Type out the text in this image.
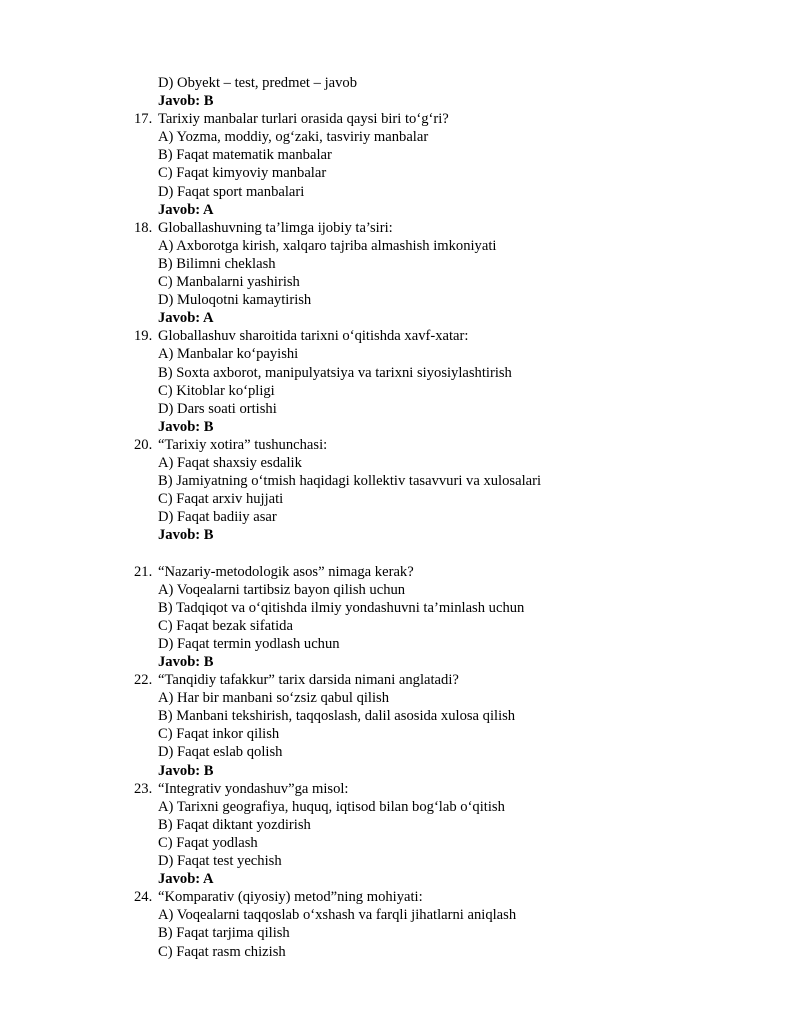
D) Obyekt – test, predmet – javob
Javob: B
17. Tarixiy manbalar turlari orasida qaysi biri to‘g‘ri?
A) Yozma, moddiy, og‘zaki, tasviriy manbalar
B) Faqat matematik manbalar
C) Faqat kimyoviy manbalar
D) Faqat sport manbalari
Javob: A
18. Globallashuvning ta’limga ijobiy ta’siri:
A) Axborotga kirish, xalqaro tajriba almashish imkoniyati
B) Bilimni cheklash
C) Manbalarni yashirish
D) Muloqotni kamaytirish
Javob: A
19. Globallashuv sharoitida tarixni o‘qitishda xavf-xatar:
A) Manbalar ko‘payishi
B) Soxta axborot, manipulyatsiya va tarixni siyosiylashtirish
C) Kitoblar ko‘pligi
D) Dars soati ortishi
Javob: B
20. “Tarixiy xotira” tushunchasi:
A) Faqat shaxsiy esdalik
B) Jamiyatning o‘tmish haqidagi kollektiv tasavvuri va xulosalari
C) Faqat arxiv hujjati
D) Faqat badiiy asar
Javob: B
21. “Nazariy-metodologik asos” nimaga kerak?
A) Voqealarni tartibsiz bayon qilish uchun
B) Tadqiqot va o‘qitishda ilmiy yondashuvni ta’minlash uchun
C) Faqat bezak sifatida
D) Faqat termin yodlash uchun
Javob: B
22. “Tanqidiy tafakkur” tarix darsida nimani anglatadi?
A) Har bir manbani so‘zsiz qabul qilish
B) Manbani tekshirish, taqqoslash, dalil asosida xulosa qilish
C) Faqat inkor qilish
D) Faqat eslab qolish
Javob: B
23. “Integrativ yondashuv”ga misol:
A) Tarixni geografiya, huquq, iqtisod bilan bog‘lab o‘qitish
B) Faqat diktant yozdirish
C) Faqat yodlash
D) Faqat test yechish
Javob: A
24. “Komparativ (qiyosiy) metod”ning mohiyati:
A) Voqealarni taqqoslab o‘xshash va farqli jihatlarni aniqlash
B) Faqat tarjima qilish
C) Faqat rasm chizish
